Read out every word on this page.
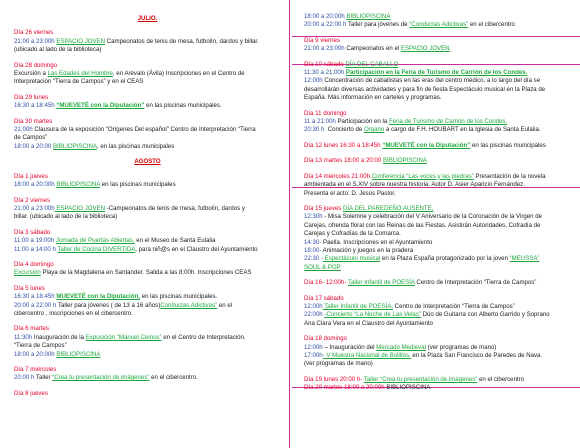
JULIO.
Día 26 viernes
21:00 a 23:00h ESPACIO JOVEN Campeonatos de tenis de mesa, futbolín, dardos y billar.
(ubicado al lado de la biblioteca)
Día 28 domingo
Excursión a Las Edades del Hombre, en Arévalo (Ávila) Inscripciones en el Centro de
Interpretación “Tierra de Campos” y en el CEAS
Día 29 lunes
16:30 a 18:45h “MUEVETÉ con la Diputación” en las piscinas municipales.
Día 30 martes
21:00h Clausura de la exposición “Orígenes Del español” Centro de Interpretación “Tierra
de Campos”
18:00 a 20:00 BIBLIOPISCINA, en las piscinas municipales
AGOSTO
Día 1 jueves
18:00 a 20:00h BIBLIOPISCINA en las piscinas municipales
Día 2 viernes
21:00 a 23:00h ESPACIO JOVEN -Campeonatos de tenis de mesa, futbolín, dardos y
billar. (ubicado al lado de la biblioteca)
Día 3 sábado
11:00 a 19:00h Jornada de Puertas Abiertas, en el Museo de Santa Eulalia
11:00 a 14:00 h Taller de Cocina DIVERTIDA, para niñ@s en el Claustro del Ayuntamiento
Día 4 domingo
Excursión Playa de la Magdalena en Santander. Salida a las 8:00h. Inscripciones CEAS
Día 5 lunes
16:30 a 18:45h MUEVETÉ con la Diputación, en las piscinas municipales.
20:00 a 22:00 h Taller para jóvenes ( de 13 a 16 años)Conductas Adictivas” en el
cibercentro , inscripciones en el cibercentro.
Día 6 martes
11:30h Inauguración de la Exposición “Manuel Ceinos” en el Centro de Interpretación.
“Tierra de Campos”
18:00 a 20:00h BIBLIOPISCINA
Día 7 miércoles
20:00 h Taller “Crea tu presentación de imágenes” en el cibercentro.
Día 8 jueves
18:00 a 20:00h BIBLIOPISCINA
20:00 a 22:00 h Taller para jóvenes de “Conductas Adictivas” en el cibercentro
Día 9 viernes
21:00 a 23:00h Campeonatos en el ESPACIO JOVEN
Día 10 sábado DÍA DEL CABALLO
11:30 a 21:00h Participación en la Feria de Turismo de Carrión de los Condes.
12:00h Concentración de caballistas en las eras del centro médico, a lo largo del día se
desarrollarán diversas actividades y para fin de fiesta Espectáculo musical en la Plaza de
España. Más información en carteles y programas.
Día 11 domingo
11 a 21:00h Participación en la Feria de Turismo de Carrión de los Condes.
20:30 h. Concierto de Organo a cargo de F.H. HOUBART en la Iglesia de Santa Eulalia.
Día 12 lunes 16:30 a 18:45h “MUEVETÉ con la Diputación” en las piscinas municipales
Día 13 martes 18:00 a 20:00 BIBLIOPISCINA
Día 14 miércoles 21:00h.Conferencia “Las voces y las piedras” Presentación de la novela
ambientada en el S.XIV sobre nuestra historia. Autor D. Asier Aparicio Fernández.
Presenta el acto: D. Jesús Pastor.
Día 15 jueves DÍA DEL PAREDEÑO AUSENTE,
12:30h - Misa Solemne y celebración del V Aniversario de la Coronación de la Virgen de
Carejas, ofrenda floral con las Reinas de las Fiestas. Asistirán Autoridades, Cofradía de
Carejas y Cofradías de la Comarca.
14:30- Paella. Inscripciones en el Ayuntamiento
18:00- Animación y juegos en la pradera
22:30 - Espectáculo musical en la Plaza España protagonizado por la joven “MEUSSA”
SOUL & POP
Día 16- 12:00h- Taller Infantil de POESÍA Centro de Interpretación “Tierra de Campos”
Día 17 sábado
12:00h Taller Infantil de POESÍA, Centro de Interpretación “Tierra de Campos”
22:00h -Concierto “La Noche de Las Velas” Dúo de Guitarra con Alberto Garrido y Soprano
Ana Clara Vera en el Claustro del Ayuntamiento
Día 18 domingo
12:00h – Inauguración del Mercado Medieval (ver programas de mano)
17:00h- V Muestra Nacional de Bolillos, en la Plaza San Francisco de Paredes de Nava.
(ver programas de mano)
Día 19 lunes 20:00 h- Taller “Crea tu presentación de imágenes” en el cibercentro
Día 20 martes 18:00 a 20:00h BIBLIOPISCINA
